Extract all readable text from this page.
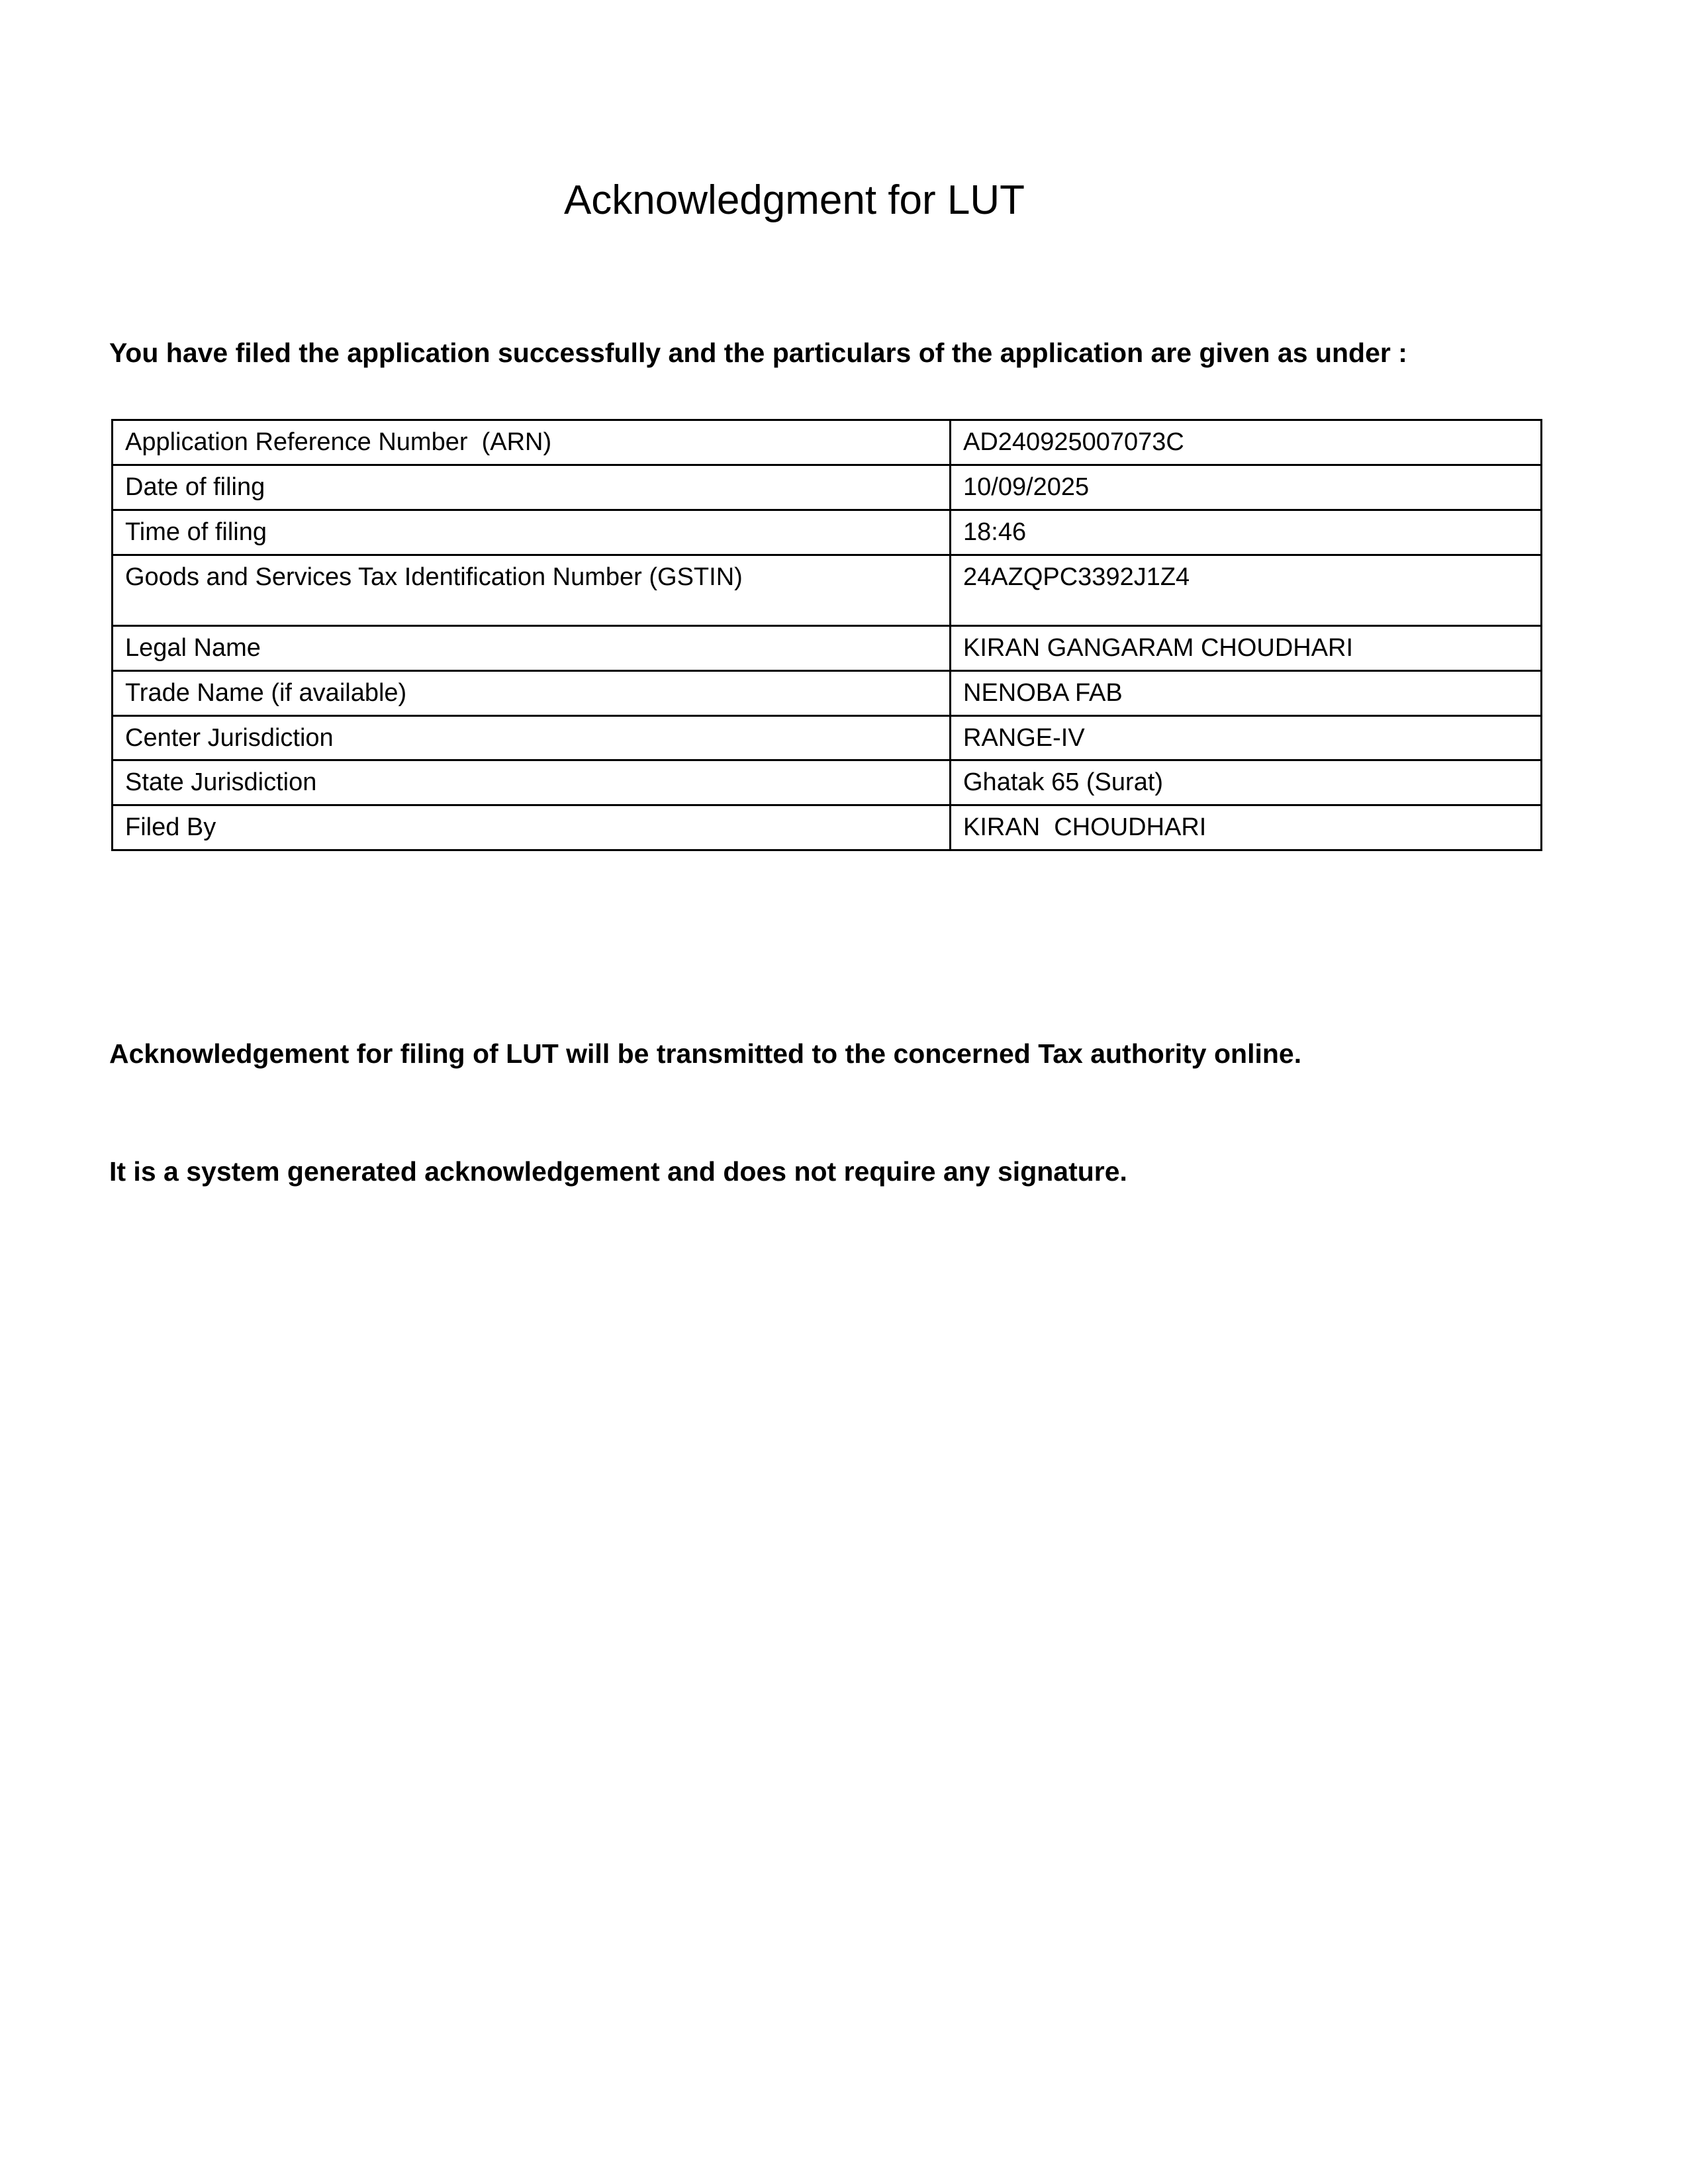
Acknowledgment for LUT

You have filed the application successfully and the particulars of the application are given as under :

Application Reference Number  (ARN)	AD240925007073C
Date of filing	10/09/2025
Time of filing	18:46
Goods and Services Tax Identification Number (GSTIN)	24AZQPC3392J1Z4
Legal Name	KIRAN GANGARAM CHOUDHARI
Trade Name (if available)	NENOBA FAB
Center Jurisdiction	RANGE-IV
State Jurisdiction	Ghatak 65 (Surat)
Filed By	KIRAN  CHOUDHARI

Acknowledgement for filing of LUT will be transmitted to the concerned Tax authority online.

It is a system generated acknowledgement and does not require any signature.
